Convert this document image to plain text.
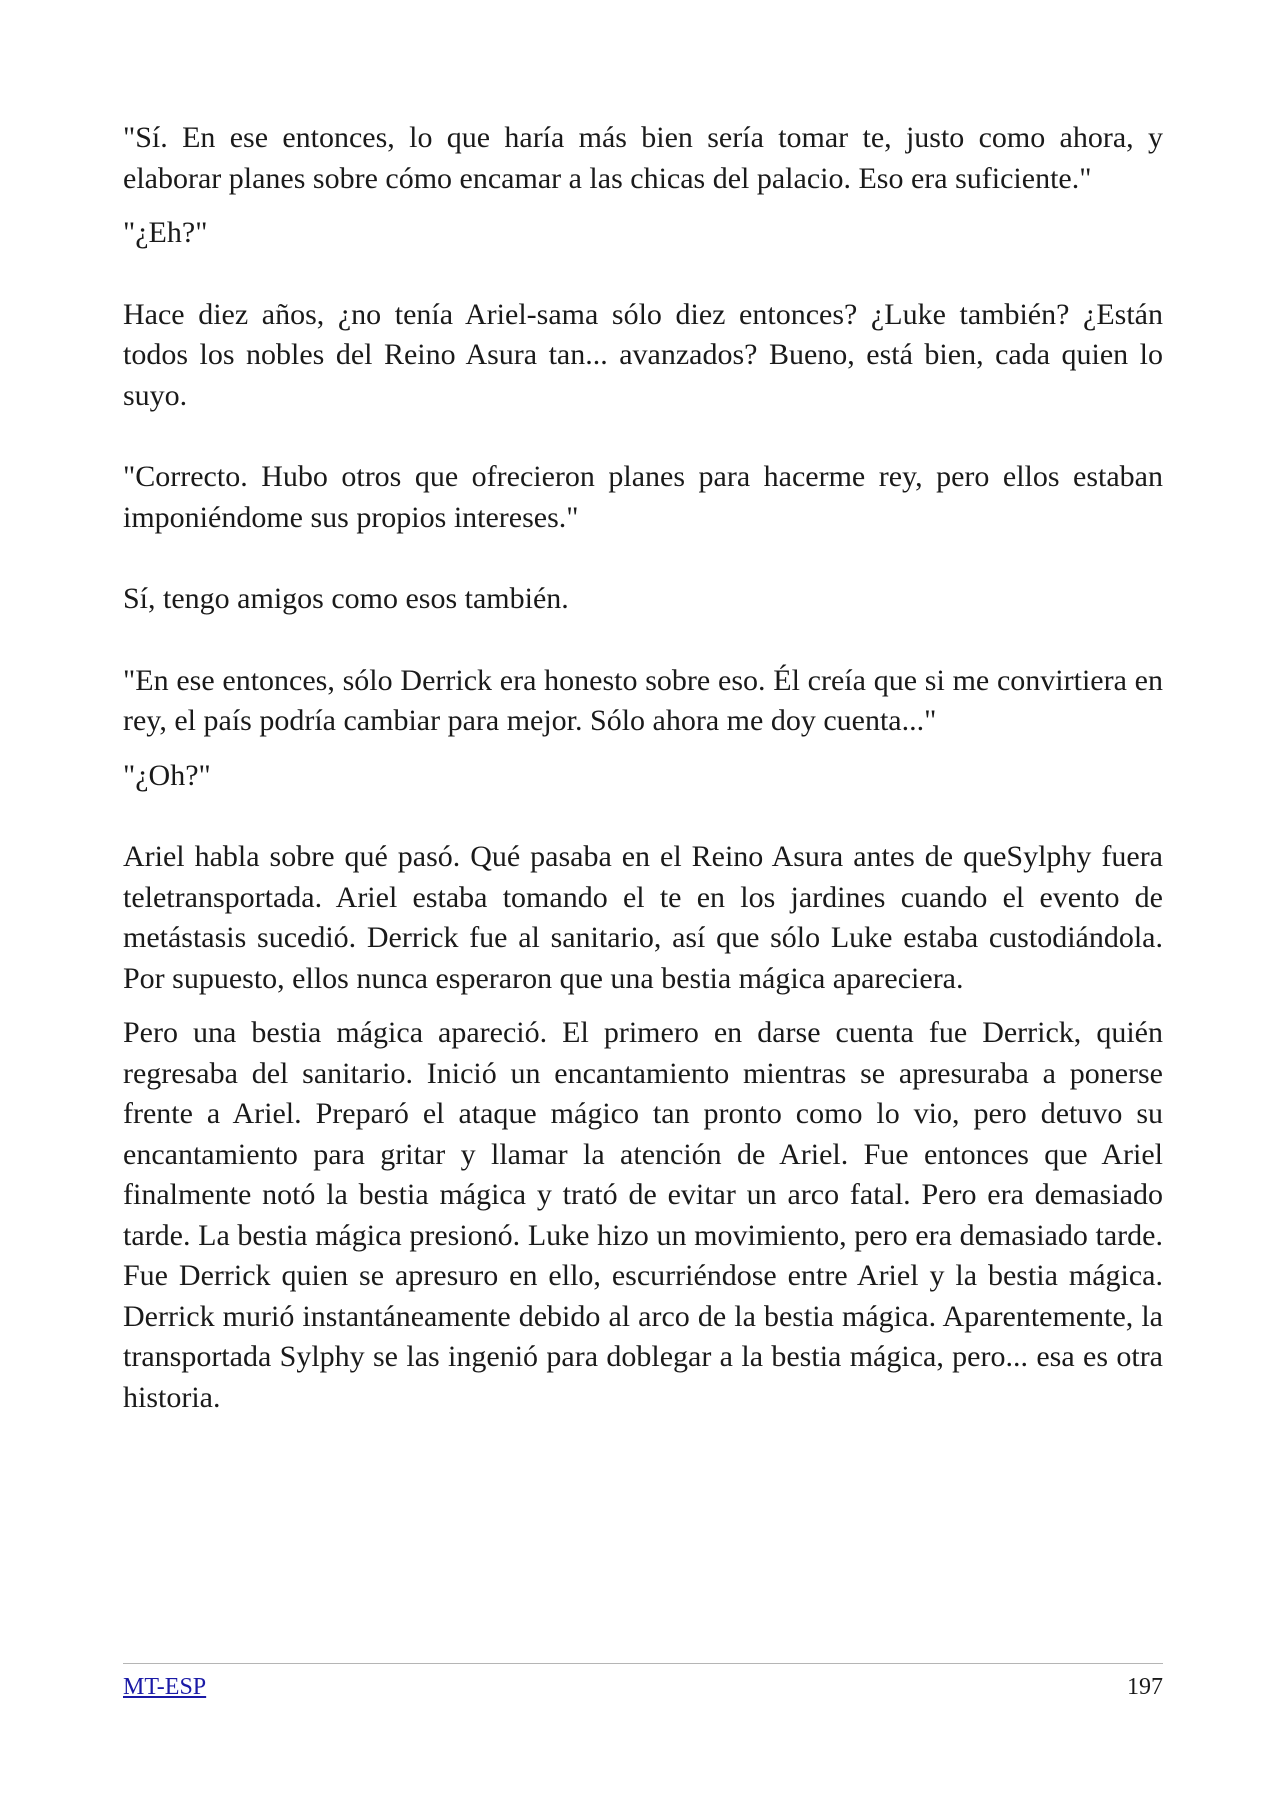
"Sí. En ese entonces, lo que haría más bien sería tomar te, justo como ahora, y elaborar planes sobre cómo encamar a las chicas del palacio. Eso era suficiente."

"¿Eh?"

Hace diez años, ¿no tenía Ariel-sama sólo diez entonces? ¿Luke también? ¿Están todos los nobles del Reino Asura tan... avanzados? Bueno, está bien, cada quien lo suyo.

"Correcto. Hubo otros que ofrecieron planes para hacerme rey, pero ellos estaban imponiéndome sus propios intereses."

Sí, tengo amigos como esos también.

"En ese entonces, sólo Derrick era honesto sobre eso. Él creía que si me convirtiera en rey, el país podría cambiar para mejor. Sólo ahora me doy cuenta..."

"¿Oh?"

Ariel habla sobre qué pasó. Qué pasaba en el Reino Asura antes de queSylphy fuera teletransportada. Ariel estaba tomando el te en los jardines cuando el evento de metástasis sucedió. Derrick fue al sanitario, así que sólo Luke estaba custodiándola. Por supuesto, ellos nunca esperaron que una bestia mágica apareciera.

Pero una bestia mágica apareció. El primero en darse cuenta fue Derrick, quién regresaba del sanitario. Inició un encantamiento mientras se apresuraba a ponerse frente a Ariel. Preparó el ataque mágico tan pronto como lo vio, pero detuvo su encantamiento para gritar y llamar la atención de Ariel. Fue entonces que Ariel finalmente notó la bestia mágica y trató de evitar un arco fatal. Pero era demasiado tarde. La bestia mágica presionó. Luke hizo un movimiento, pero era demasiado tarde. Fue Derrick quien se apresuro en ello, escurriéndose entre Ariel y la bestia mágica. Derrick murió instantáneamente debido al arco de la bestia mágica. Aparentemente, la transportada Sylphy se las ingenió para doblegar a la bestia mágica, pero... esa es otra historia.

MT-ESP	197
